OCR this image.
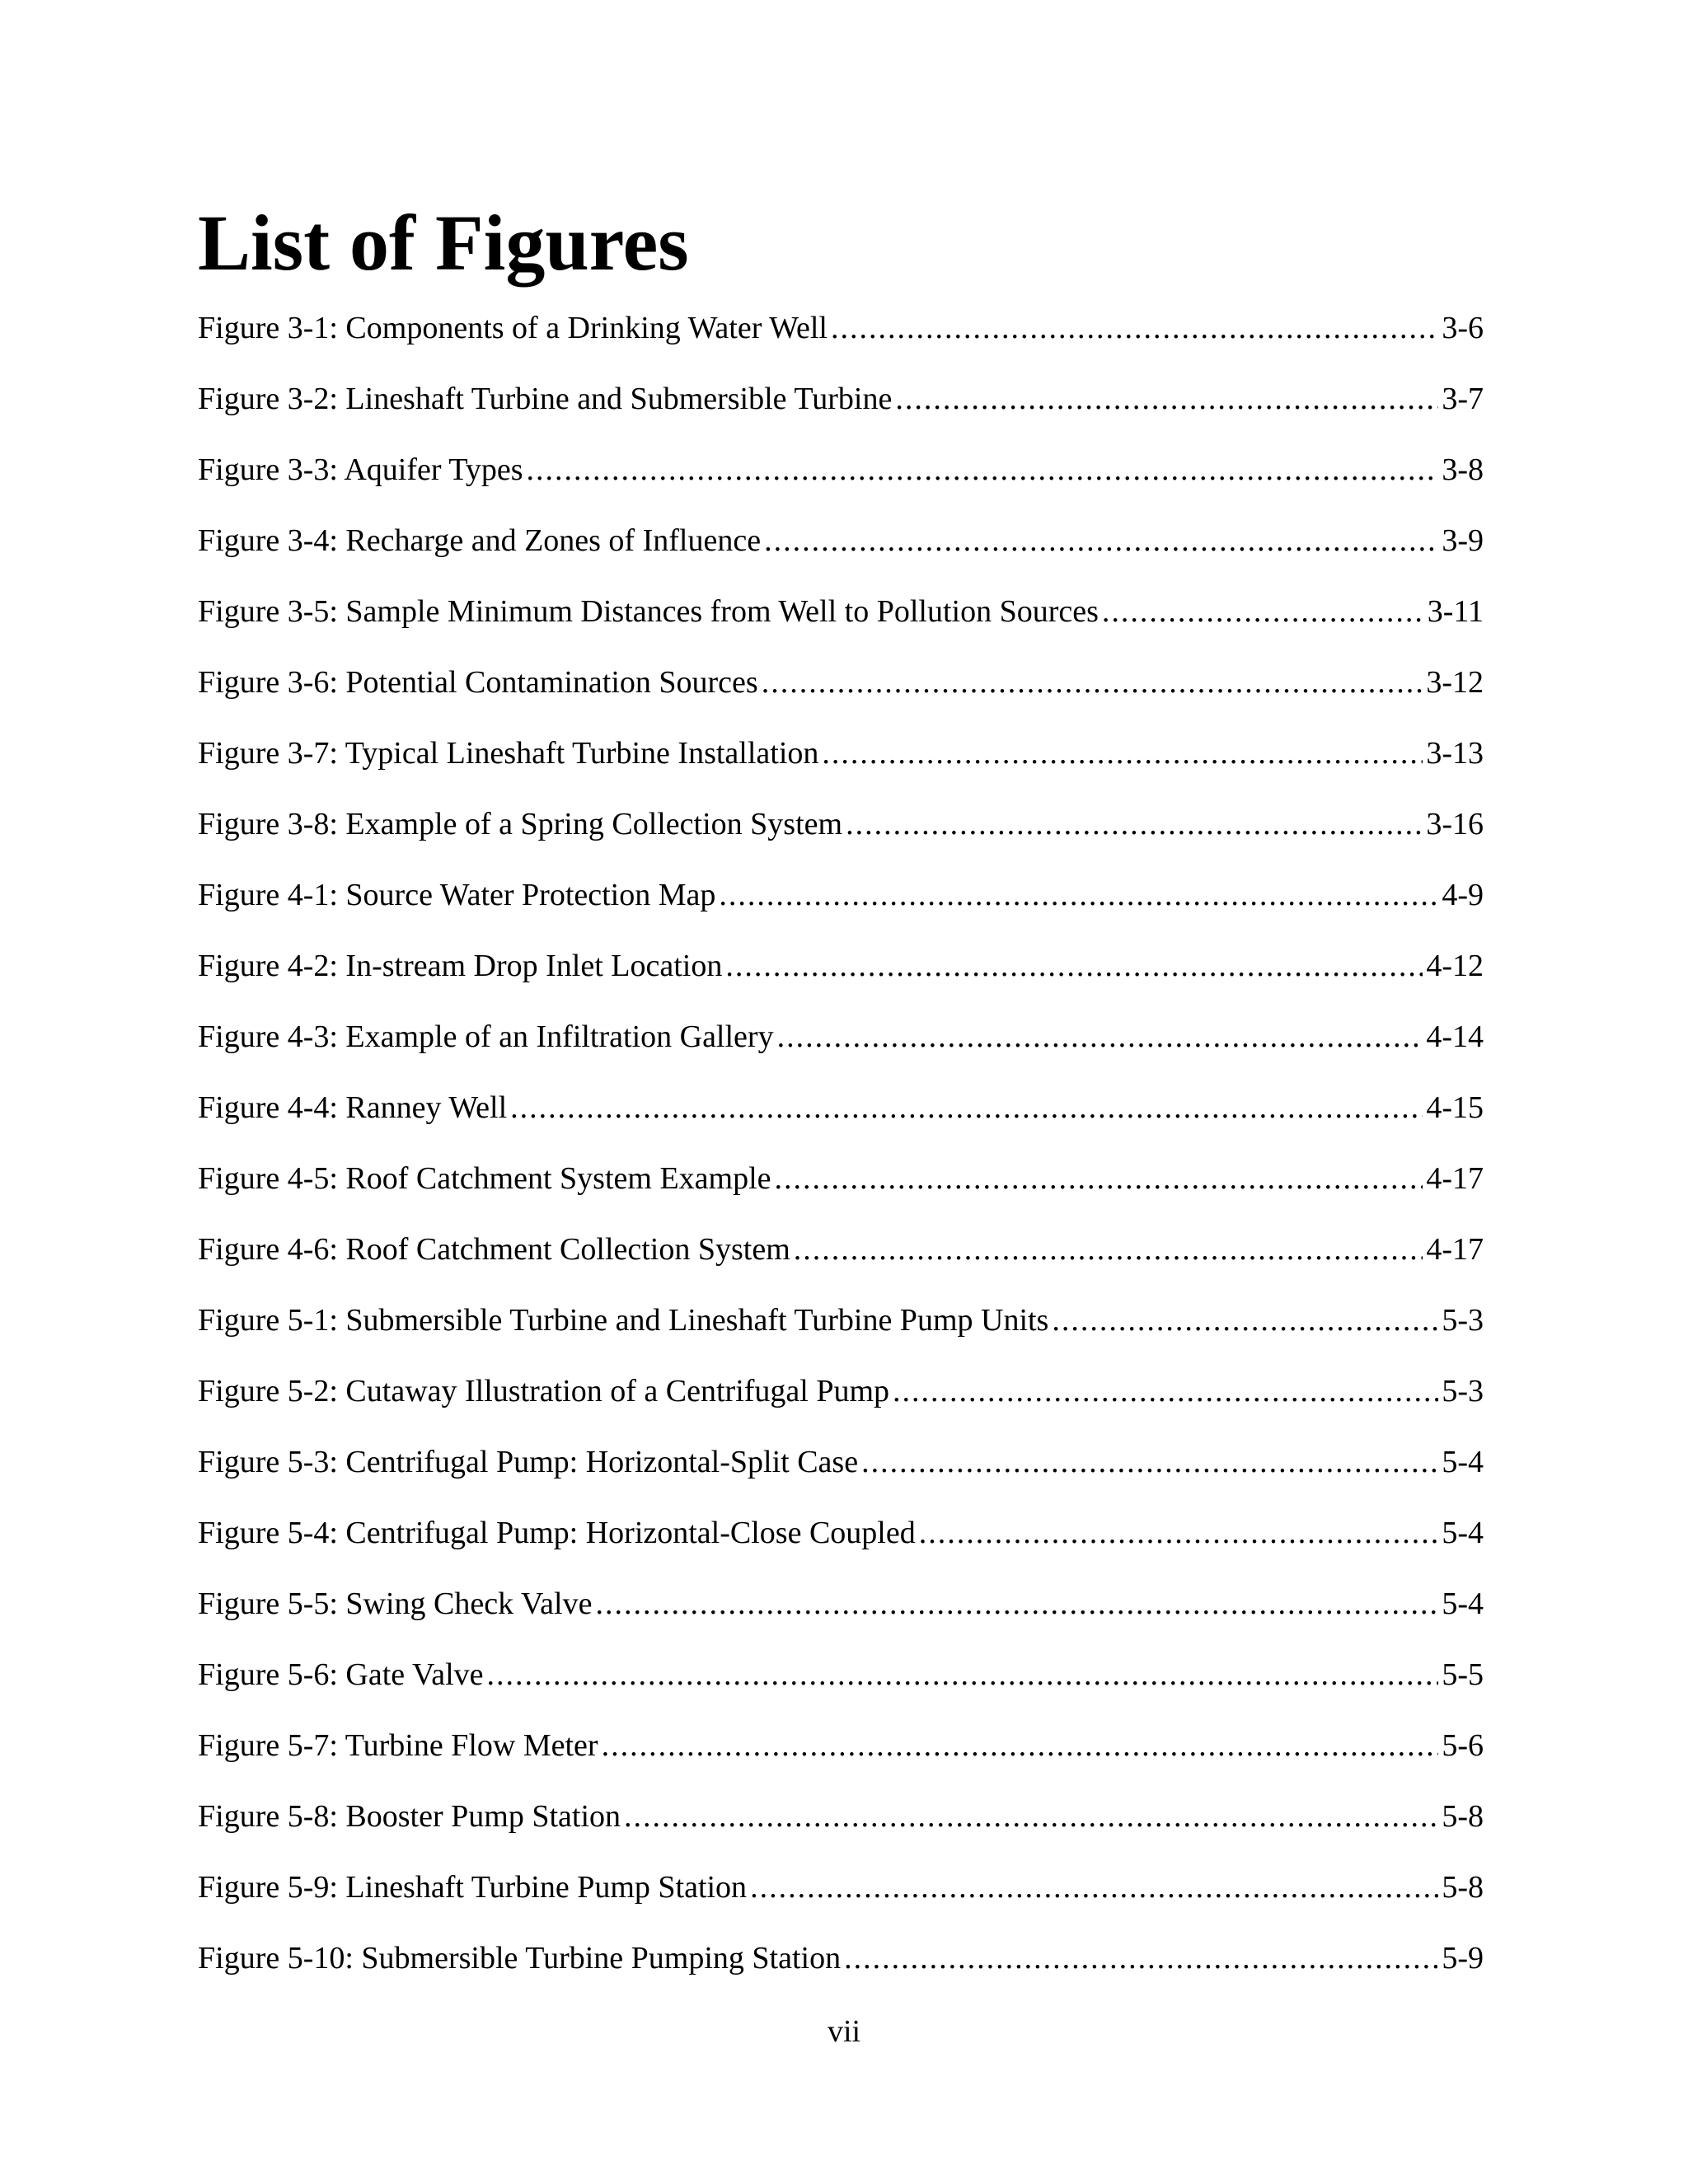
List of Figures
Figure 3-1: Components of a Drinking Water Well .....	3-6
Figure 3-2: Lineshaft Turbine and Submersible Turbine .....	3-7
Figure 3-3: Aquifer Types .....	3-8
Figure 3-4: Recharge and Zones of Influence .....	3-9
Figure 3-5: Sample Minimum Distances from Well to Pollution Sources .....	3-11
Figure 3-6: Potential Contamination Sources .....	3-12
Figure 3-7: Typical Lineshaft Turbine Installation .....	3-13
Figure 3-8: Example of a Spring Collection System .....	3-16
Figure 4-1: Source Water Protection Map .....	4-9
Figure 4-2: In-stream Drop Inlet Location .....	4-12
Figure 4-3: Example of an Infiltration Gallery .....	4-14
Figure 4-4: Ranney Well .....	4-15
Figure 4-5: Roof Catchment System Example .....	4-17
Figure 4-6: Roof Catchment Collection System .....	4-17
Figure 5-1: Submersible Turbine and Lineshaft Turbine Pump Units .....	5-3
Figure 5-2: Cutaway Illustration of a Centrifugal Pump .....	5-3
Figure 5-3: Centrifugal Pump: Horizontal-Split Case .....	5-4
Figure 5-4: Centrifugal Pump: Horizontal-Close Coupled .....	5-4
Figure 5-5: Swing Check Valve .....	5-4
Figure 5-6: Gate Valve .....	5-5
Figure 5-7: Turbine Flow Meter .....	5-6
Figure 5-8: Booster Pump Station .....	5-8
Figure 5-9: Lineshaft Turbine Pump Station .....	5-8
Figure 5-10: Submersible Turbine Pumping Station .....	5-9
vii
